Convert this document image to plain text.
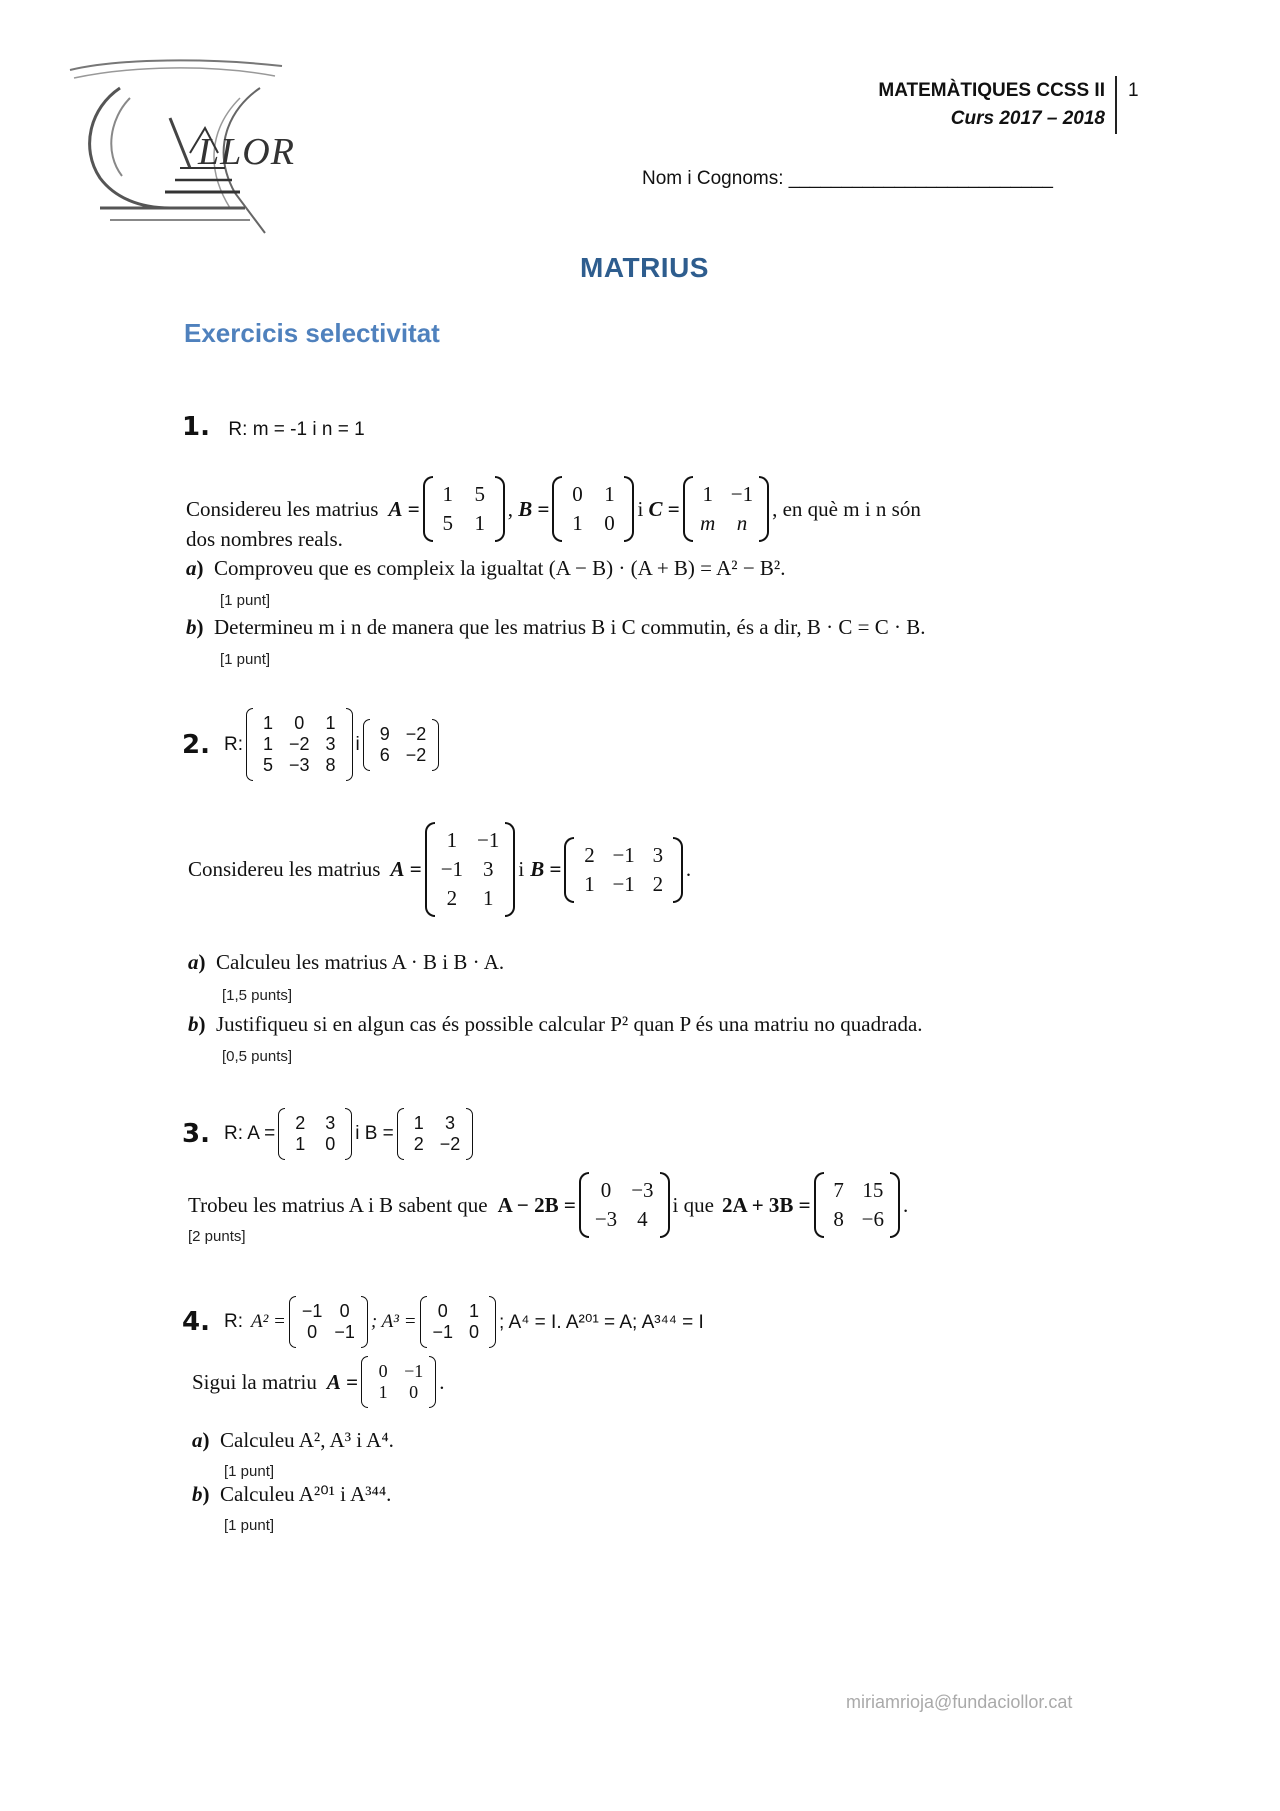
LLOR
MATEMÀTIQUES CCSS II
Curs 2017 – 2018
1
Nom i Cognoms: _________________________
MATRIUS
Exercicis selectivitat
1. R: m = -1 i n = 1
Considereu les matrius A =
1 5
5 1
, B =
0 1
1 0
i C =
1 −1
m n
, en què m i n són
dos nombres reals.
a) Comproveu que es compleix la igualtat (A − B) · (A + B) = A² − B².
[1 punt]
b) Determineu m i n de manera que les matrius B i C commutin, és a dir, B · C = C · B.
[1 punt]
2. R:
1 0 1
1 −2 3
5 −3 8
i 9 −2
6 −2
Considereu les matrius A =
1 −1
−1 3
2 1
i B =
2 −1 3
1 −1 2
.
a) Calculeu les matrius A · B i B · A.
[1,5 punts]
b) Justifiqueu si en algun cas és possible calcular P² quan P és una matriu no quadrada.
[0,5 punts]
3. R: A = 2 3
1 0 i B = 1 3
2 −2
Trobeu les matrius A i B sabent que A − 2B =
0 −3
−3 4
i que 2A + 3B =
7 15
8 −6
.
[2 punts]
4. R: A² = −1 0
0 −1 ; A³ = 0 1
−1 0 ; A⁴ = I. A²⁰¹ = A; A³⁴⁴ = I
Sigui la matriu A = 0 −1
1 0 .
a) Calculeu A², A³ i A⁴.
[1 punt]
b) Calculeu A²⁰¹ i A³⁴⁴.
[1 punt]
miriamrioja@fundaciollor.cat
